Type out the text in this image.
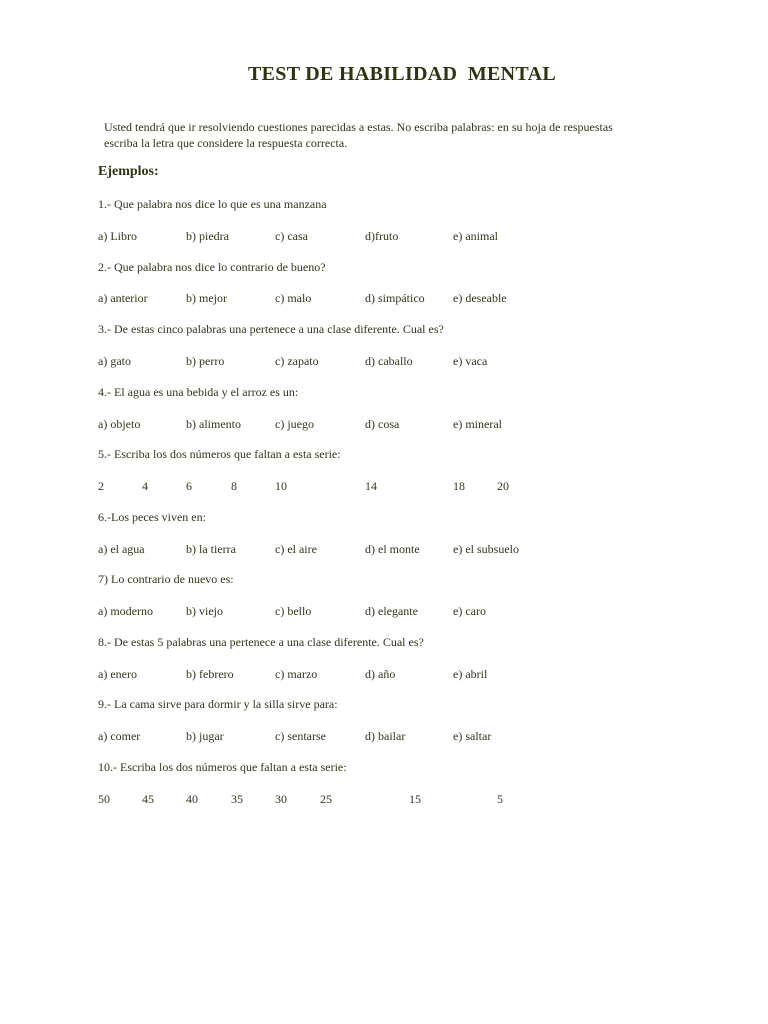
TEST DE HABILIDAD  MENTAL
Usted tendrá que ir resolviendo cuestiones parecidas a estas. No escriba palabras: en su hoja de respuestas
escriba la letra que considere la respuesta correcta.
Ejemplos:
1.- Que palabra nos dice lo que es una manzana
a) Libro	b) piedra	c) casa	d)fruto	e) animal
2.- Que palabra nos dice lo contrario de bueno?
a) anterior	b) mejor	c) malo	d) simpático e) deseable
3.- De estas cinco palabras una pertenece a una clase diferente. Cual es?
a) gato	b) perro	c) zapato	d) caballo	e) vaca
4.- El agua es una bebida y el arroz es un:
a) objeto	b) alimento	c) juego	d) cosa	e) mineral
5.- Escriba los dos números que faltan a esta serie:
2	4	6	8	10	14	18	20
6.-Los peces viven en:
a) el agua	b) la tierra	c) el aire	d) el monte	e) el subsuelo
7) Lo contrario de nuevo es:
a) moderno	b) viejo	c) bello	d) elegante	e) caro
8.- De estas 5 palabras una pertenece a una clase diferente. Cual es?
a) enero	b) febrero	c) marzo	d) año	e) abril
9.- La cama sirve para dormir y la silla sirve para:
a) comer	b) jugar	c) sentarse	d) bailar	e) saltar
10.- Escriba los dos números que faltan a esta serie:
50	45	40	35	30	25	15	5
